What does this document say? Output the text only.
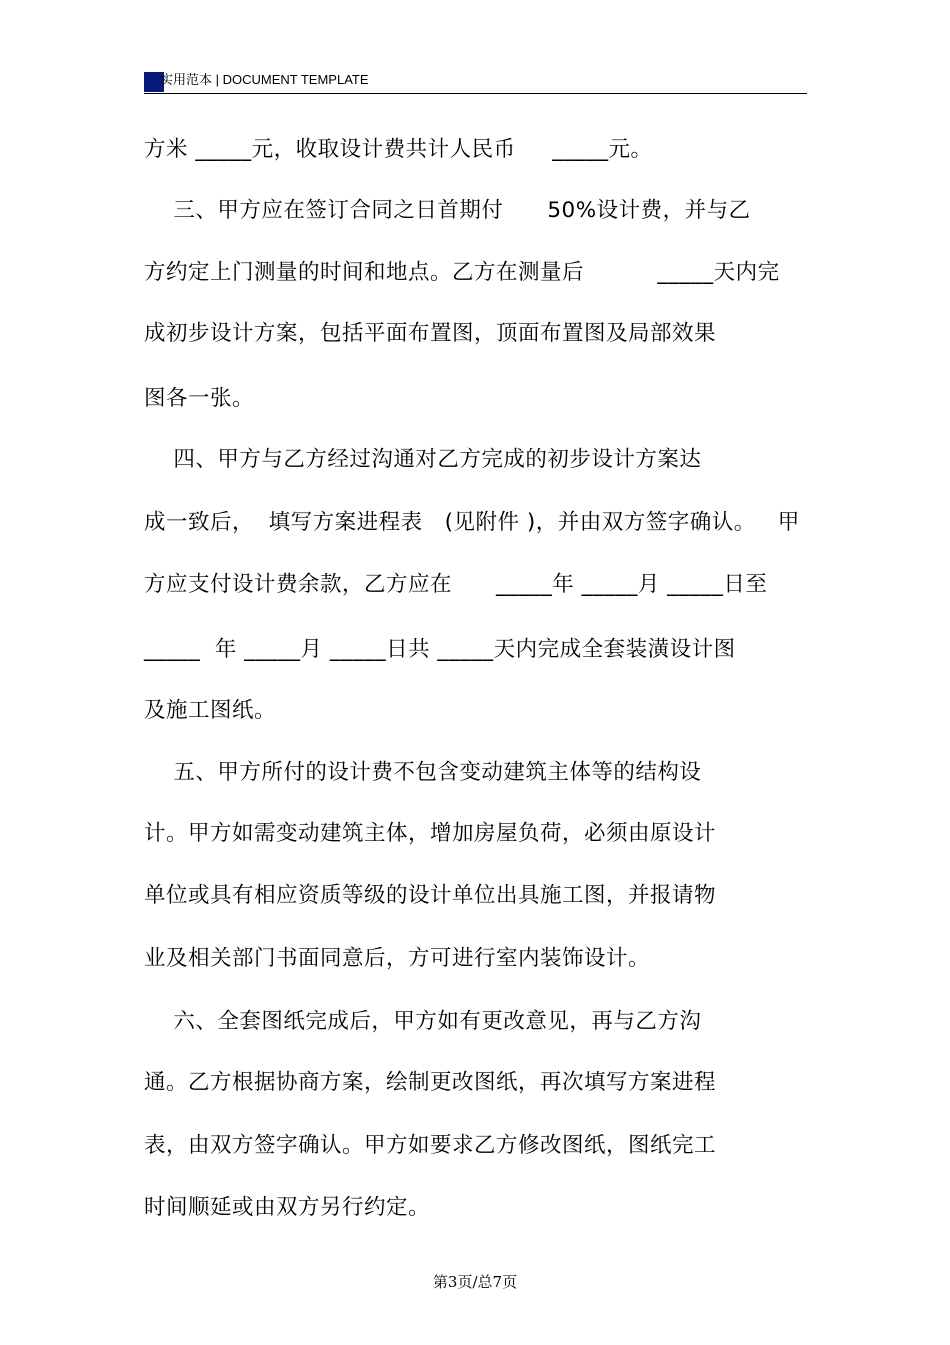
实用范本 | DOCUMENT TEMPLATE
方米 _____元，收取设计费共计人民币     _____元。
三、甲方应在签订合同之日首期付      50%设计费，并与乙
方约定上门测量的时间和地点。乙方在测量后          _____天内完
成初步设计方案，包括平面布置图，顶面布置图及局部效果
图各一张。
四、甲方与乙方经过沟通对乙方完成的初步设计方案达
成一致后，  填写方案进程表   (见附件 )，并由双方签字确认。   甲
方应支付设计费余款，乙方应在      _____年 _____月 _____日至
_____  年 _____月 _____日共 _____天内完成全套装潢设计图
及施工图纸。
五、甲方所付的设计费不包含变动建筑主体等的结构设
计。甲方如需变动建筑主体，增加房屋负荷，必须由原设计
单位或具有相应资质等级的设计单位出具施工图，并报请物
业及相关部门书面同意后，方可进行室内装饰设计。
六、全套图纸完成后，甲方如有更改意见，再与乙方沟
通。乙方根据协商方案，绘制更改图纸，再次填写方案进程
表，由双方签字确认。甲方如要求乙方修改图纸，图纸完工
时间顺延或由双方另行约定。
第3页/总7页
